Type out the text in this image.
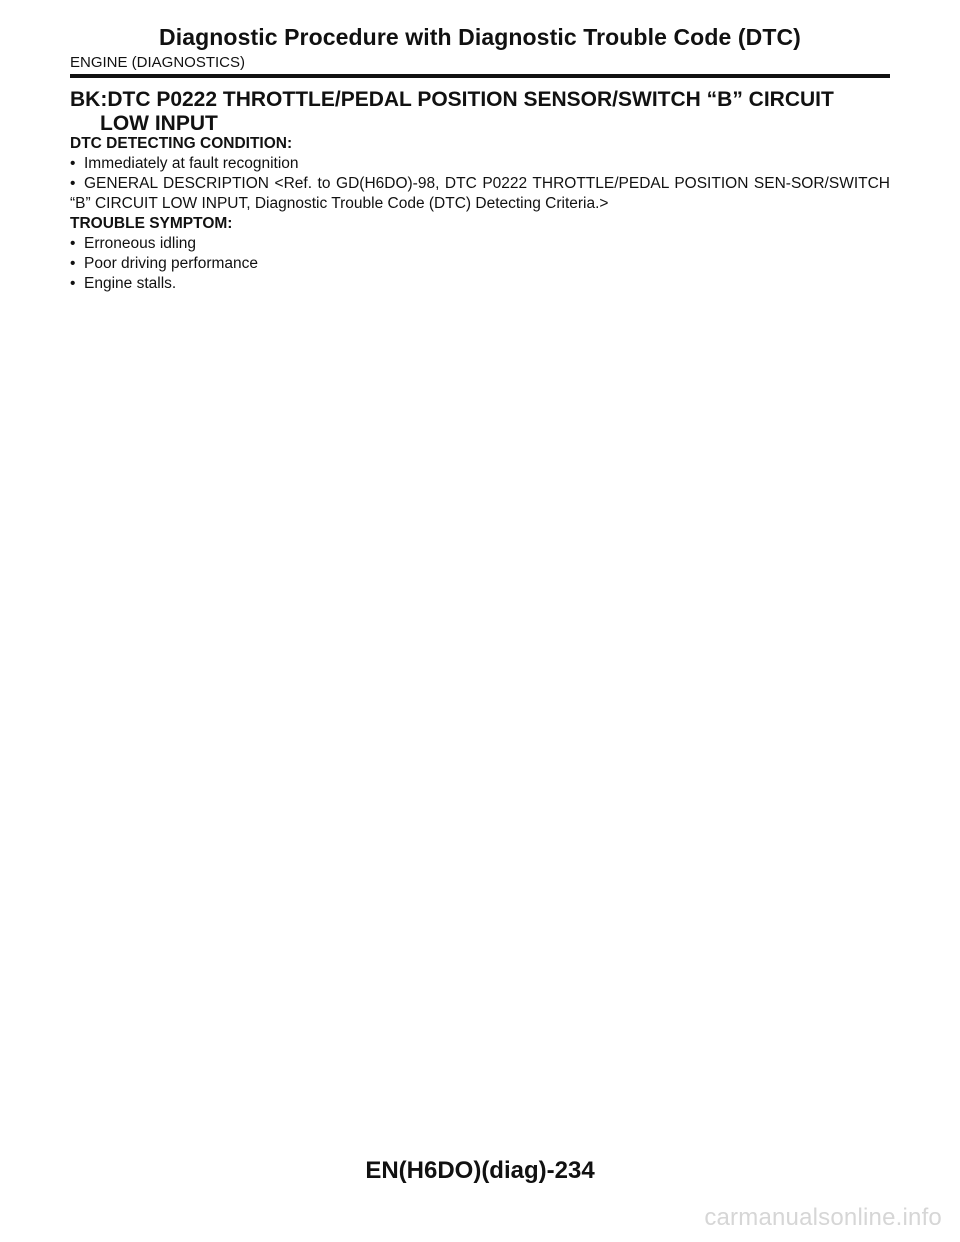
Diagnostic Procedure with Diagnostic Trouble Code (DTC)
ENGINE (DIAGNOSTICS)
BK:DTC P0222 THROTTLE/PEDAL POSITION SENSOR/SWITCH “B” CIRCUIT
LOW INPUT
DTC DETECTING CONDITION:
• Immediately at fault recognition
• GENERAL DESCRIPTION <Ref. to GD(H6DO)-98, DTC P0222 THROTTLE/PEDAL POSITION SEN-SOR/SWITCH “B” CIRCUIT LOW INPUT, Diagnostic Trouble Code (DTC) Detecting Criteria.>
TROUBLE SYMPTOM:
• Erroneous idling
• Poor driving performance
• Engine stalls.
EN(H6DO)(diag)-234
carmanualsonline.info
